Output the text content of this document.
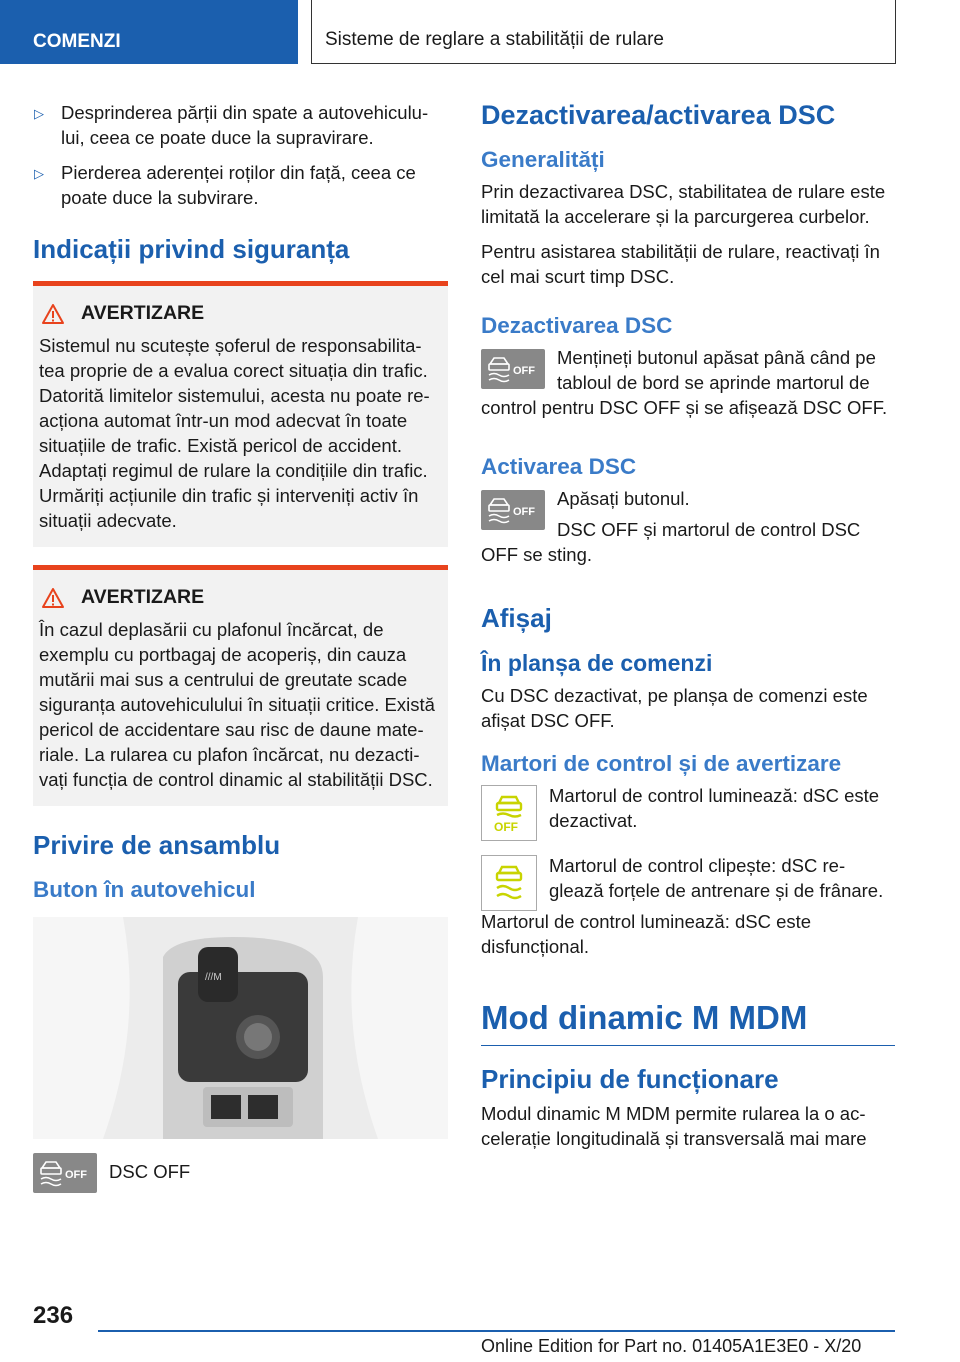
COMENZI	Sisteme de reglare a stabilității de rulare
▷ Desprinderea părții din spate a autovehiculu-lui, ceea ce poate duce la supravirare.
▷ Pierderea aderenței roților din față, ceea ce poate duce la subvirare.
Indicații privind siguranța
AVERTIZARE

Sistemul nu scutește șoferul de responsabilita-tea proprie de a evalua corect situația din trafic. Datorită limitelor sistemului, acesta nu poate re-acționa automat într-un mod adecvat în toate situațiile de trafic. Există pericol de accident. Adaptați regimul de rulare la condițiile din trafic. Urmăriți acțiunile din trafic și interveniți activ în situații adecvate.

AVERTIZARE

În cazul deplasării cu plafonul încărcat, de exemplu cu portbagaj de acoperiș, din cauza mutării mai sus a centrului de greutate scade siguranța autovehiculului în situații critice. Există pericol de accidentare sau risc de daune mate-riale. La rularea cu plafon încărcat, nu dezacti-vați funcția de control dinamic al stabilității DSC.

Privire de ansamblu
Buton în autovehicul
///M
OFF DSC OFF

Dezactivarea/activarea DSC
Generalități

Prin dezactivarea DSC, stabilitatea de rulare este limitată la accelerare și la parcurgerea curbelor.

Pentru asistarea stabilității de rulare, reactivați în cel mai scurt timp DSC.

Dezactivarea DSC
OFF

Mențineți butonul apăsat până când pe tabloul de bord se aprinde martorul de control pentru DSC OFF și se afișează DSC OFF.

Activarea DSC
OFF

Apăsați butonul.

DSC OFF și martorul de control DSC OFF se sting.

Afișaj
În planșa de comenzi

Cu DSC dezactivat, pe planșa de comenzi este afișat DSC OFF.

Martori de control și de avertizare
OFF

Martorul de control luminează: dSC este dezactivat.

Martorul de control clipește: dSC re-glează forțele de antrenare și de frânare.

Martorul de control luminează: dSC este disfuncțional.

Mod dinamic M MDM
Principiu de funcționare

Modul dinamic M MDM permite rularea la o ac-celerație longitudinală și transversală mai mare

236
Online Edition for Part no. 01405A1E3E0 - X/20
